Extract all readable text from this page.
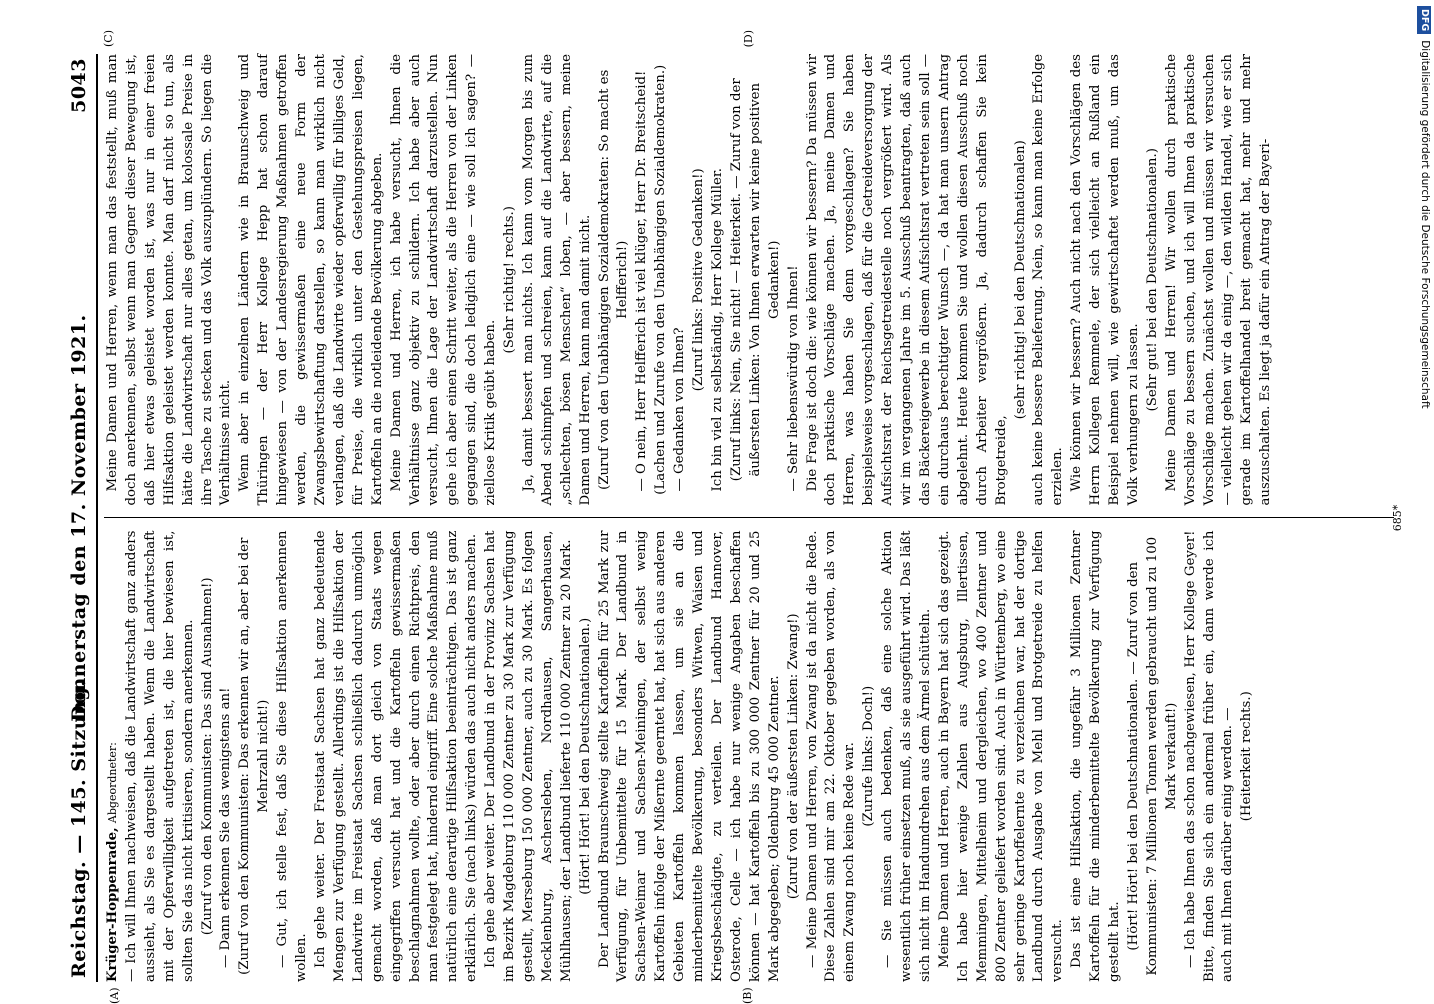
Reichstag. — 145. Sitzung.
Donnerstag den 17. November 1921.
5043
(A)	(B)

Krüger-Hoppenrade, Abgeordneter: — Ich will Ihnen nachweisen, daß die Landwirtschaft ganz anders aussieht, als Sie es dargestellt haben. Wenn die Landwirtschaft mit der Opferwilligkeit aufgetreten ist, die hier bewiesen ist, sollten Sie das nicht kritisieren, sondern anerkennen. (Zuruf von den Kommunisten: Das sind Ausnahmen!) — Dann erkennen Sie das wenigstens an! (Zuruf von den Kommunisten: Das erkennen wir an, aber bei der Mehrzahl nicht!) — Gut, ich stelle fest, daß Sie diese Hilfsaktion anerkennen wollen. Ich gehe weiter. Der Freistaat Sachsen hat ganz bedeutende Mengen zur Verfügung gestellt. Allerdings ist die Hilfsaktion der Landwirte im Freistaat Sachsen schließlich dadurch unmöglich gemacht worden, daß man dort gleich von Staats wegen eingegriffen versucht hat und die Kartoffeln gewissermaßen beschlagnahmen wollte, oder aber durch einen Richtpreis, den man festgelegt hat, hindernd eingriff. Eine solche Maßnahme muß natürlich eine derartige Hilfsaktion beeinträchtigen. Das ist ganz erklärlich. Sie (nach links) würden das auch nicht anders machen. Ich gehe aber weiter. Der Landbund in der Provinz Sachsen hat im Bezirk Magdeburg 110 000 Zentner zu 30 Mark zur Verfügung gestellt, Merseburg 150 000 Zentner, auch zu 30 Mark. Es folgen Mecklenburg, Aschersleben, Nordhausen, Sangerhausen, Mühlhausen; der Landbund lieferte 110 000 Zentner zu 20 Mark. (Hört! Hört! bei den Deutschnationalen.) Der Landbund Braunschweig stellte Kartoffeln für 25 Mark zur Verfügung, für Unbemittelte für 15 Mark. Der Landbund in Sachsen-Weimar und Sachsen-Meiningen, der selbst wenig Kartoffeln infolge der Mißernte geerntet hat, hat sich aus anderen Gebieten Kartoffeln kommen lassen, um sie an die minderbemittelte Bevölkerung, besonders Witwen, Waisen und Kriegsbeschädigte, zu verteilen. Der Landbund Hannover, Osterode, Celle — ich habe nur wenige Angaben beschaffen können — hat Kartoffeln bis zu 300 000 Zentner für 20 und 25 Mark abgegeben; Oldenburg 45 000 Zentner. (Zuruf von der äußersten Linken: Zwang!) — Meine Damen und Herren, von Zwang ist da nicht die Rede. Diese Zahlen sind mir am 22. Oktober gegeben worden, als von einem Zwang noch keine Rede war. (Zurufe links: Doch!) — Sie müssen auch bedenken, daß eine solche Aktion wesentlich früher einsetzen muß, als sie ausgeführt wird. Das läßt sich nicht im Handumdrehen aus dem Ärmel schütteln. Meine Damen und Herren, auch in Bayern hat sich das gezeigt. Ich habe hier wenige Zahlen aus Augsburg, Illertissen, Memmingen, Mittelheim und dergleichen, wo 400 Zentner und 800 Zentner geliefert worden sind. Auch in Württemberg, wo eine sehr geringe Kartoffelernte zu verzeichnen war, hat der dortige Landbund durch Ausgabe von Mehl und Brotgetreide zu helfen versucht. Das ist eine Hilfsaktion, die ungefähr 3 Millionen Zentner Kartoffeln für die minderbemittelte Bevölkerung zur Verfügung gestellt hat. (Hört! Hört! bei den Deutschnationalen. — Zuruf von den Kommunisten: 7 Millionen Tonnen werden gebraucht und zu 100 Mark verkauft!) — Ich habe Ihnen das schon nachgewiesen, Herr Kollege Geyer! Bitte, finden Sie sich ein andermal früher ein, dann werde ich auch mit Ihnen darüber einig werden. — (Heiterkeit rechts.)

Meine Damen und Herren, wenn man das feststellt, muß man doch anerkennen, selbst wenn man Gegner dieser Bewegung ist, daß hier etwas geleistet worden ist, was nur in einer freien Hilfsaktion geleistet werden konnte. Man darf nicht so tun, als hätte die Landwirtschaft nur alles getan, um kolossale Preise in ihre Tasche zu stecken und das Volk auszuplündern. So liegen die Verhältnisse nicht. Wenn aber in einzelnen Ländern wie in Braunschweig und Thüringen — der Herr Kollege Hepp hat schon darauf hingewiesen — von der Landesregierung Maßnahmen getroffen werden, die gewissermaßen eine neue Form der Zwangsbewirtschaftung darstellen, so kann man wirklich nicht verlangen, daß die Landwirte wieder opferwillig für billiges Geld, für Preise, die wirklich unter den Gestehungspreisen liegen, Kartoffeln an die notleidende Bevölkerung abgeben. Meine Damen und Herren, ich habe versucht, Ihnen die Verhältnisse ganz objektiv zu schildern. Ich habe aber auch versucht, Ihnen die Lage der Landwirtschaft darzustellen. Nun gehe ich aber einen Schritt weiter, als die Herren von der Linken gegangen sind, die doch lediglich eine — wie soll ich sagen? — ziellose Kritik geübt haben.

(Sehr richtig! rechts.) Ja, damit bessert man nichts. Ich kann vom Morgen bis zum Abend schimpfen und schreien, kann auf die Landwirte, auf die „schlechten, bösen Menschen“ loben, — aber bessern, meine Damen und Herren, kann man damit nicht. (Zuruf von den Unabhängigen Sozialdemokraten: So macht es Helfferich!) — O nein, Herr Helfferich ist viel klüger, Herr Dr. Breitscheid! (Lachen und Zurufe von den Unabhängigen Sozialdemokraten.) — Gedanken von Ihnen?

(Zuruf links: Positive Gedanken!) Ich bin viel zu selbständig, Herr Kollege Müller. (Zuruf links: Nein, Sie nicht! — Heiterkeit. — Zuruf von der äußersten Linken: Von Ihnen erwarten wir keine positiven Gedanken!) — Sehr liebenswürdig von Ihnen! Die Frage ist doch die: wie können wir bessern? Da müssen wir doch praktische Vorschläge machen. Ja, meine Damen und Herren, was haben Sie denn vorgeschlagen? Sie haben beispielsweise vorgeschlagen, daß für die Getreideversorgung der Aufsichtsrat der Reichsgetreidestelle noch vergrößert wird. Als wir im vergangenen Jahre im 5. Ausschuß beantragten, daß auch das Bäckereigewerbe in diesem Aufsichtsrat vertreten sein soll — ein durchaus berechtigter Wunsch —, da hat man unsern Antrag abgelehnt. Heute kommen Sie und wollen diesen Ausschuß noch durch Arbeiter vergrößern. Ja, dadurch schaffen Sie kein Brotgetreide,

(sehr richtig! bei den Deutschnationalen) auch keine bessere Belieferung. Nein, so kann man keine Erfolge erzielen. Wie können wir bessern? Auch nicht nach den Vorschlägen des Herrn Kollegen Remmele, der sich vielleicht an Rußland ein Beispiel nehmen will, wie gewirtschaftet werden muß, um das Volk verhungern zu lassen.

(Sehr gut! bei den Deutschnationalen.) Meine Damen und Herren! Wir wollen durch praktische Vorschläge zu bessern suchen, und ich will Ihnen da praktische Vorschläge machen. Zunächst wollen und müssen wir versuchen — vielleicht gehen wir da einig —, den wilden Handel, wie er sich gerade im Kartoffelhandel breit gemacht hat, mehr und mehr auszuschalten. Es liegt ja dafür ein Antrag der Bayeri-

(C)	(D)
685*
DFGDigitalisierung gefördert durch die Deutsche Forschungsgemeinschaft
